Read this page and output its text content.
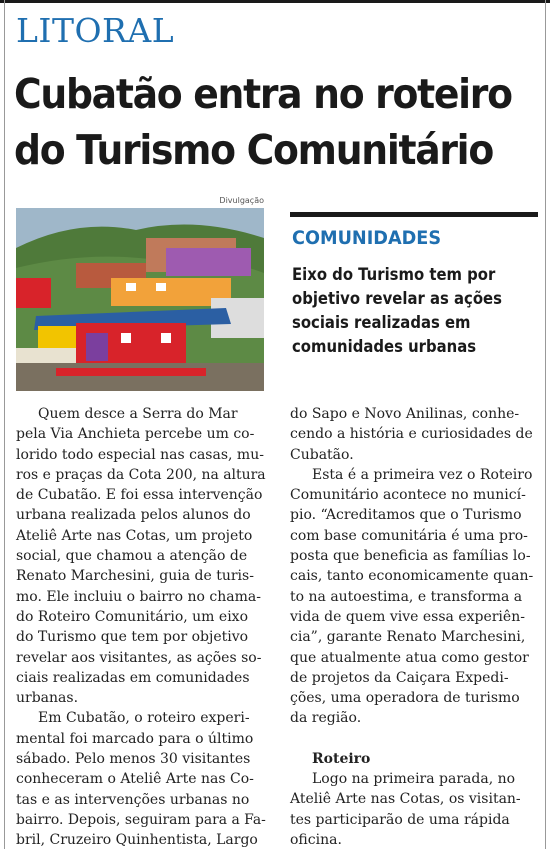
LITORAL
Cubatão entra no roteiro
do Turismo Comunitário
Divulgação
COMUNIDADES
Eixo do Turismo tem por
objetivo revelar as ações
sociais realizadas em
comunidades urbanas
Quem desce a Serra do Mar
pela Via Anchieta percebe um co-
lorido todo especial nas casas, mu-
ros e praças da Cota 200, na altura
de Cubatão. E foi essa intervenção
urbana realizada pelos alunos do
Ateliê Arte nas Cotas, um projeto
social, que chamou a atenção de
Renato Marchesini, guia de turis-
mo. Ele incluiu o bairro no chama-
do Roteiro Comunitário, um eixo
do Turismo que tem por objetivo
revelar aos visitantes, as ações so-
ciais realizadas em comunidades
urbanas.
Em Cubatão, o roteiro experi-
mental foi marcado para o último
sábado. Pelo menos 30 visitantes
conheceram o Ateliê Arte nas Co-
tas e as intervenções urbanas no
bairro. Depois, seguiram para a Fa-
bril, Cruzeiro Quinhentista, Largo
do Sapo e Novo Anilinas, conhe-
cendo a história e curiosidades de
Cubatão.
Esta é a primeira vez o Roteiro
Comunitário acontece no municí-
pio. “Acreditamos que o Turismo
com base comunitária é uma pro-
posta que beneficia as famílias lo-
cais, tanto economicamente quan-
to na autoestima, e transforma a
vida de quem vive essa experiên-
cia”, garante Renato Marchesini,
que atualmente atua como gestor
de projetos da Caiçara Expedi-
ções, uma operadora de turismo
da região.
Roteiro
Logo na primeira parada, no
Ateliê Arte nas Cotas, os visitan-
tes participarão de uma rápida
oficina.
